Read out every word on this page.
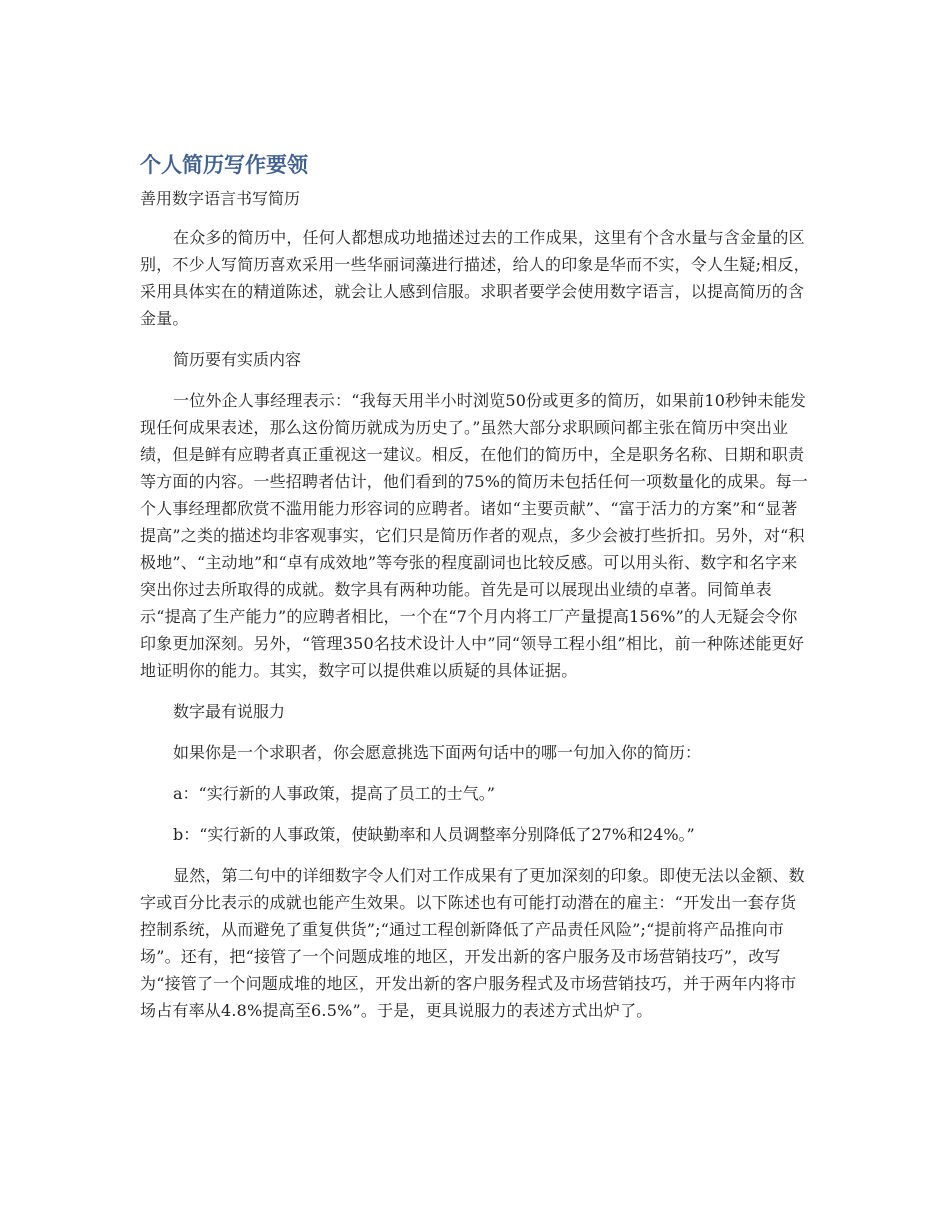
个人简历写作要领
善用数字语言书写简历

在众多的简历中，任何人都想成功地描述过去的工作成果，这里有个含水量与含金量的区别，不少人写简历喜欢采用一些华丽词藻进行描述，给人的印象是华而不实，令人生疑;相反，采用具体实在的精道陈述，就会让人感到信服。求职者要学会使用数字语言，以提高简历的含金量。

简历要有实质内容

一位外企人事经理表示：“我每天用半小时浏览50份或更多的简历，如果前10秒钟未能发现任何成果表述，那么这份简历就成为历史了。”虽然大部分求职顾问都主张在简历中突出业绩，但是鲜有应聘者真正重视这一建议。相反，在他们的简历中，全是职务名称、日期和职责等方面的内容。一些招聘者估计，他们看到的75%的简历未包括任何一项数量化的成果。每一个人事经理都欣赏不滥用能力形容词的应聘者。诸如“主要贡献”、“富于活力的方案”和“显著提高”之类的描述均非客观事实，它们只是简历作者的观点，多少会被打些折扣。另外，对“积极地”、“主动地”和“卓有成效地”等夸张的程度副词也比较反感。可以用头衔、数字和名字来突出你过去所取得的成就。数字具有两种功能。首先是可以展现出业绩的卓著。同简单表示“提高了生产能力”的应聘者相比，一个在“7个月内将工厂产量提高156%”的人无疑会令你印象更加深刻。另外，“管理350名技术设计人中”同“领导工程小组”相比，前一种陈述能更好地证明你的能力。其实，数字可以提供难以质疑的具体证据。

数字最有说服力

如果你是一个求职者，你会愿意挑选下面两句话中的哪一句加入你的简历：

a：“实行新的人事政策，提高了员工的士气。”

b：“实行新的人事政策，使缺勤率和人员调整率分别降低了27%和24%。”

显然，第二句中的详细数字令人们对工作成果有了更加深刻的印象。即使无法以金额、数字或百分比表示的成就也能产生效果。以下陈述也有可能打动潜在的雇主：“开发出一套存货控制系统，从而避免了重复供货”;“通过工程创新降低了产品责任风险”;“提前将产品推向市场”。还有，把“接管了一个问题成堆的地区，开发出新的客户服务及市场营销技巧”，改写为“接管了一个问题成堆的地区，开发出新的客户服务程式及市场营销技巧，并于两年内将市场占有率从4.8%提高至6.5%”。于是，更具说服力的表述方式出炉了。
